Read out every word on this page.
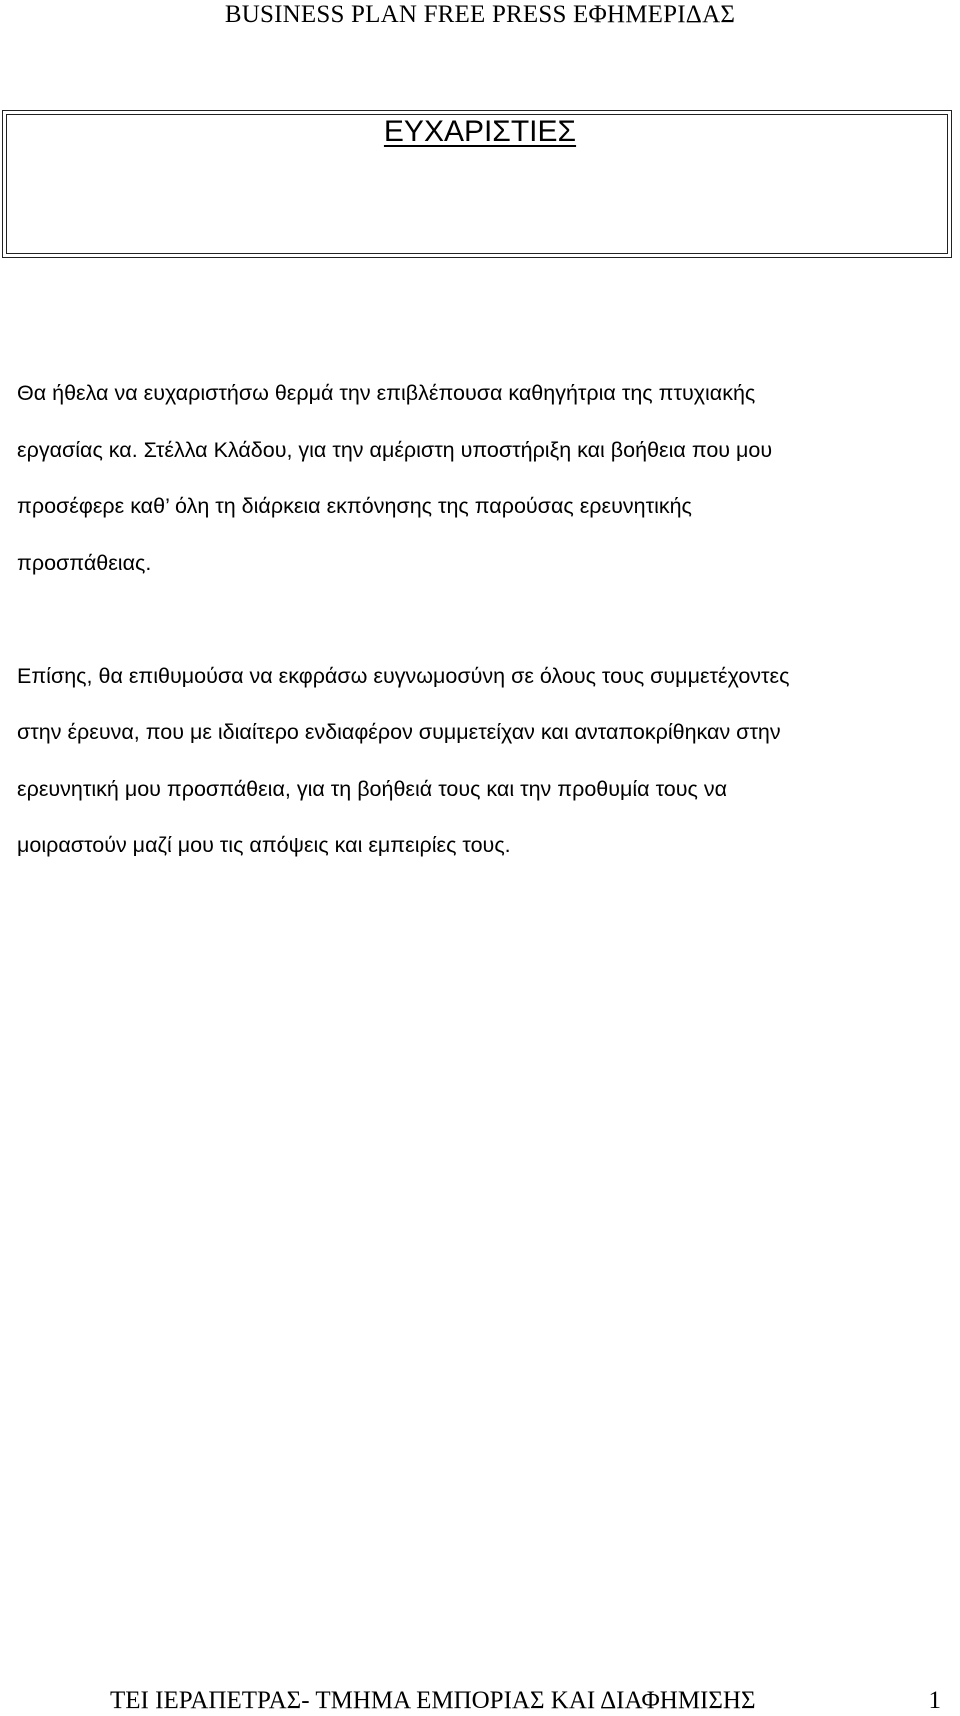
BUSINESS PLAN FREE PRESS ΕΦΗΜΕΡΙΔΑΣ
ΕΥΧΑΡΙΣΤΙΕΣ
Θα ήθελα να ευχαριστήσω θερμά την επιβλέπουσα καθηγήτρια της πτυχιακής
εργασίας κα. Στέλλα Κλάδου, για την αμέριστη υποστήριξη και βοήθεια που μου
προσέφερε καθ’ όλη τη διάρκεια εκπόνησης της παρούσας ερευνητικής
προσπάθειας.
Επίσης, θα επιθυμούσα να εκφράσω ευγνωμοσύνη σε όλους τους συμμετέχοντες
στην έρευνα, που με ιδιαίτερο ενδιαφέρον συμμετείχαν και ανταποκρίθηκαν στην
ερευνητική μου προσπάθεια, για τη βοήθειά τους και την προθυμία τους να
μοιραστούν μαζί μου τις απόψεις και εμπειρίες τους.
ΤΕΙ ΙΕΡΑΠΕΤΡΑΣ- ΤΜΗΜΑ ΕΜΠΟΡΙΑΣ ΚΑΙ ΔΙΑΦΗΜΙΣΗΣ	1
